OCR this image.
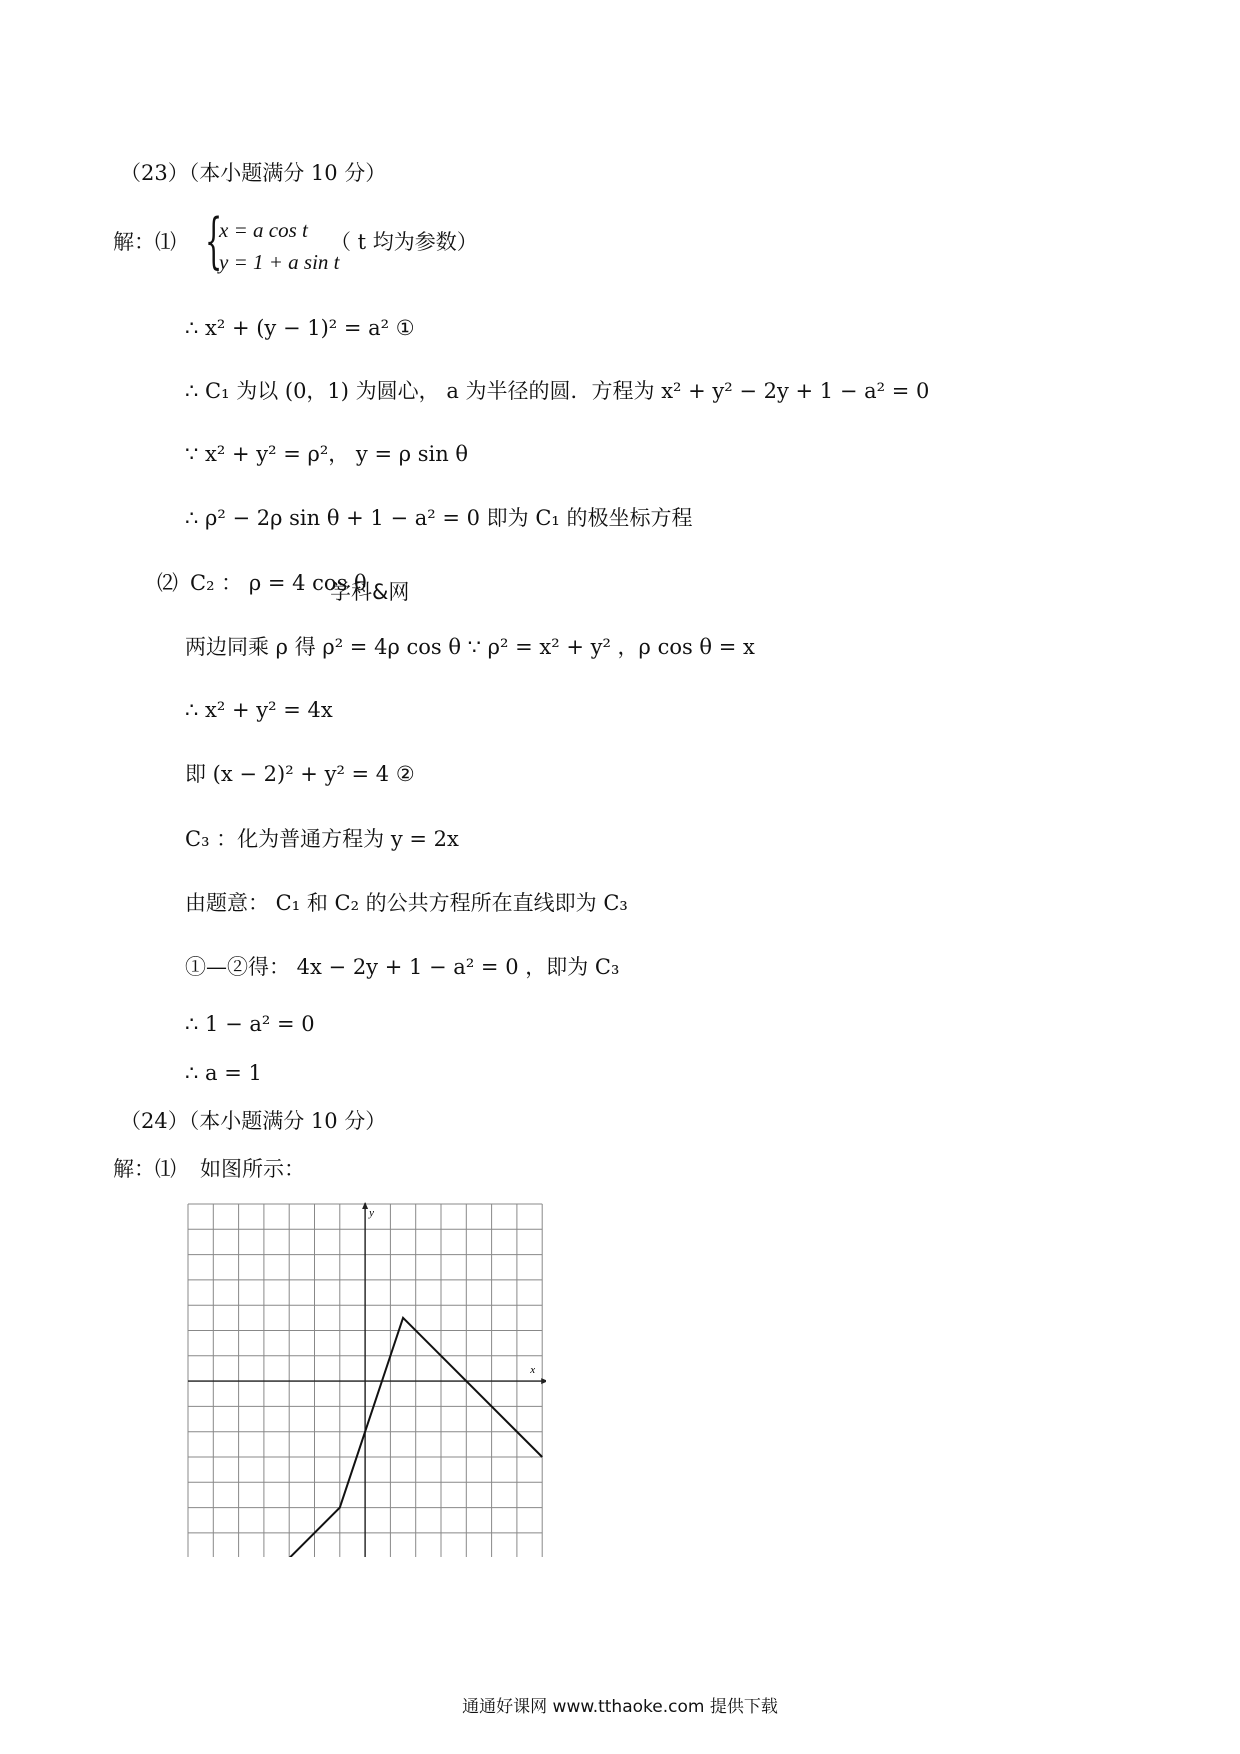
（23）（本小题满分 10 分）
解：⑴ {
x = a cos t
y = 1 + a sin t
（ t 均为参数）
∴ x² + (y − 1)² = a² ①
∴ C₁ 为以 (0，1) 为圆心， a 为半径的圆．方程为 x² + y² − 2y + 1 − a² = 0
∵ x² + y² = ρ²， y = ρ sin θ
∴ ρ² − 2ρ sin θ + 1 − a² = 0 即为 C₁ 的极坐标方程
⑵ C₂ ： ρ = 4 cos θ
学科&网
两边同乘 ρ 得 ρ² = 4ρ cos θ ∵ ρ² = x² + y² ，ρ cos θ = x
∴ x² + y² = 4x
即 (x − 2)² + y² = 4 ②
C₃ ：化为普通方程为 y = 2x
由题意： C₁ 和 C₂ 的公共方程所在直线即为 C₃
①—②得： 4x − 2y + 1 − a² = 0 ，即为 C₃
∴ 1 − a² = 0
∴ a = 1
（24）（本小题满分 10 分）
解：⑴ 如图所示：
x
y
通通好课网 www.tthaoke.com 提供下载
